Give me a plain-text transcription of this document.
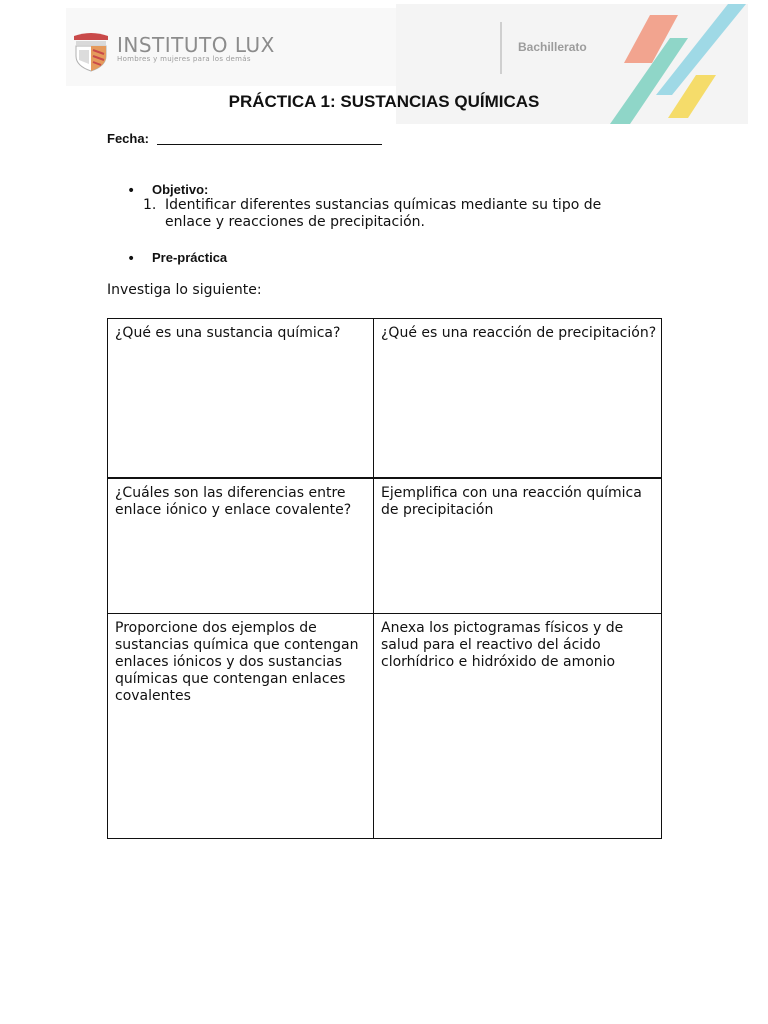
INSTITUTO LUX
Hombres y mujeres para los demás
Bachillerato
PRÁCTICA 1: SUSTANCIAS QUÍMICAS
Fecha:
• Objetivo:
1. Identificar diferentes sustancias químicas mediante su tipo de enlace y reacciones de precipitación.
• Pre-práctica
Investiga lo siguiente:
¿Qué es una sustancia química?	¿Qué es una reacción de precipitación?
¿Cuáles son las diferencias entre enlace iónico y enlace covalente?
Ejemplifica con una reacción química de precipitación
Proporcione dos ejemplos de sustancias química que contengan enlaces iónicos y dos sustancias químicas que contengan enlaces covalentes
Anexa los pictogramas físicos y de salud para el reactivo del ácido clorhídrico e hidróxido de amonio
